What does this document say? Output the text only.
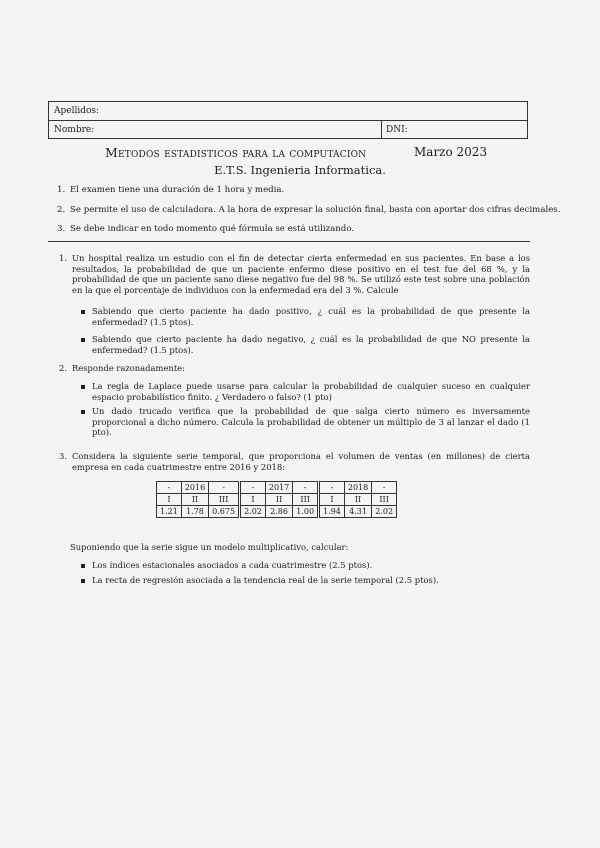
Apellidos:
Nombre:	DNI:
Metodos estadisticos para la computacion	Marzo 2023
E.T.S. Ingenieria Informatica.
1. El examen tiene una duración de 1 hora y media.
2. Se permite el uso de calculadora. A la hora de expresar la solución final, basta con aportar dos cifras decimales.
3. Se debe indicar en todo momento qué fórmula se está utilizando.
1. Un hospital realiza un estudio con el fin de detectar cierta enfermedad en sus pacientes. En base a los resultados, la probabilidad de que un paciente enfermo diese positivo en el test fue del 68 %, y la probabilidad de que un paciente sano diese negativo fue del 98 %. Se utilizó este test sobre una población en la que el porcentaje de individuos con la enfermedad era del 3 %. Calcule
Sabiendo que cierto paciente ha dado positivo, ¿ cuál es la probabilidad de que presente la enfermedad? (1.5 ptos).
Sabiendo que cierto paciente ha dado negativo, ¿ cuál es la probabilidad de que NO presente la enfermedad? (1.5 ptos).
2. Responde razonadamente:
La regla de Laplace puede usarse para calcular la probabilidad de cualquier suceso en cualquier espacio probabilístico finito. ¿ Verdadero o falso? (1 pto)
Un dado trucado verifica que la probabilidad de que salga cierto número es inversamente proporcional a dicho número. Calcula la probabilidad de obtener un múltiplo de 3 al lanzar el dado (1 pto).
3. Considera la siguiente serie temporal, que proporciona el volumen de ventas (en millones) de cierta empresa en cada cuatrimestre entre 2016 y 2018:
-	2016	-	-	2017	-	-	2018	-
I	II	III	I	II	III	I	II	III
1.21	1.78	0.675	2.02	2.86	1.00	1.94	4.31	2.02
Suponiendo que la serie sigue un modelo multiplicativo, calcular:
Los índices estacionales asociados a cada cuatrimestre (2.5 ptos).
La recta de regresión asociada a la tendencia real de la serie temporal (2.5 ptos).
